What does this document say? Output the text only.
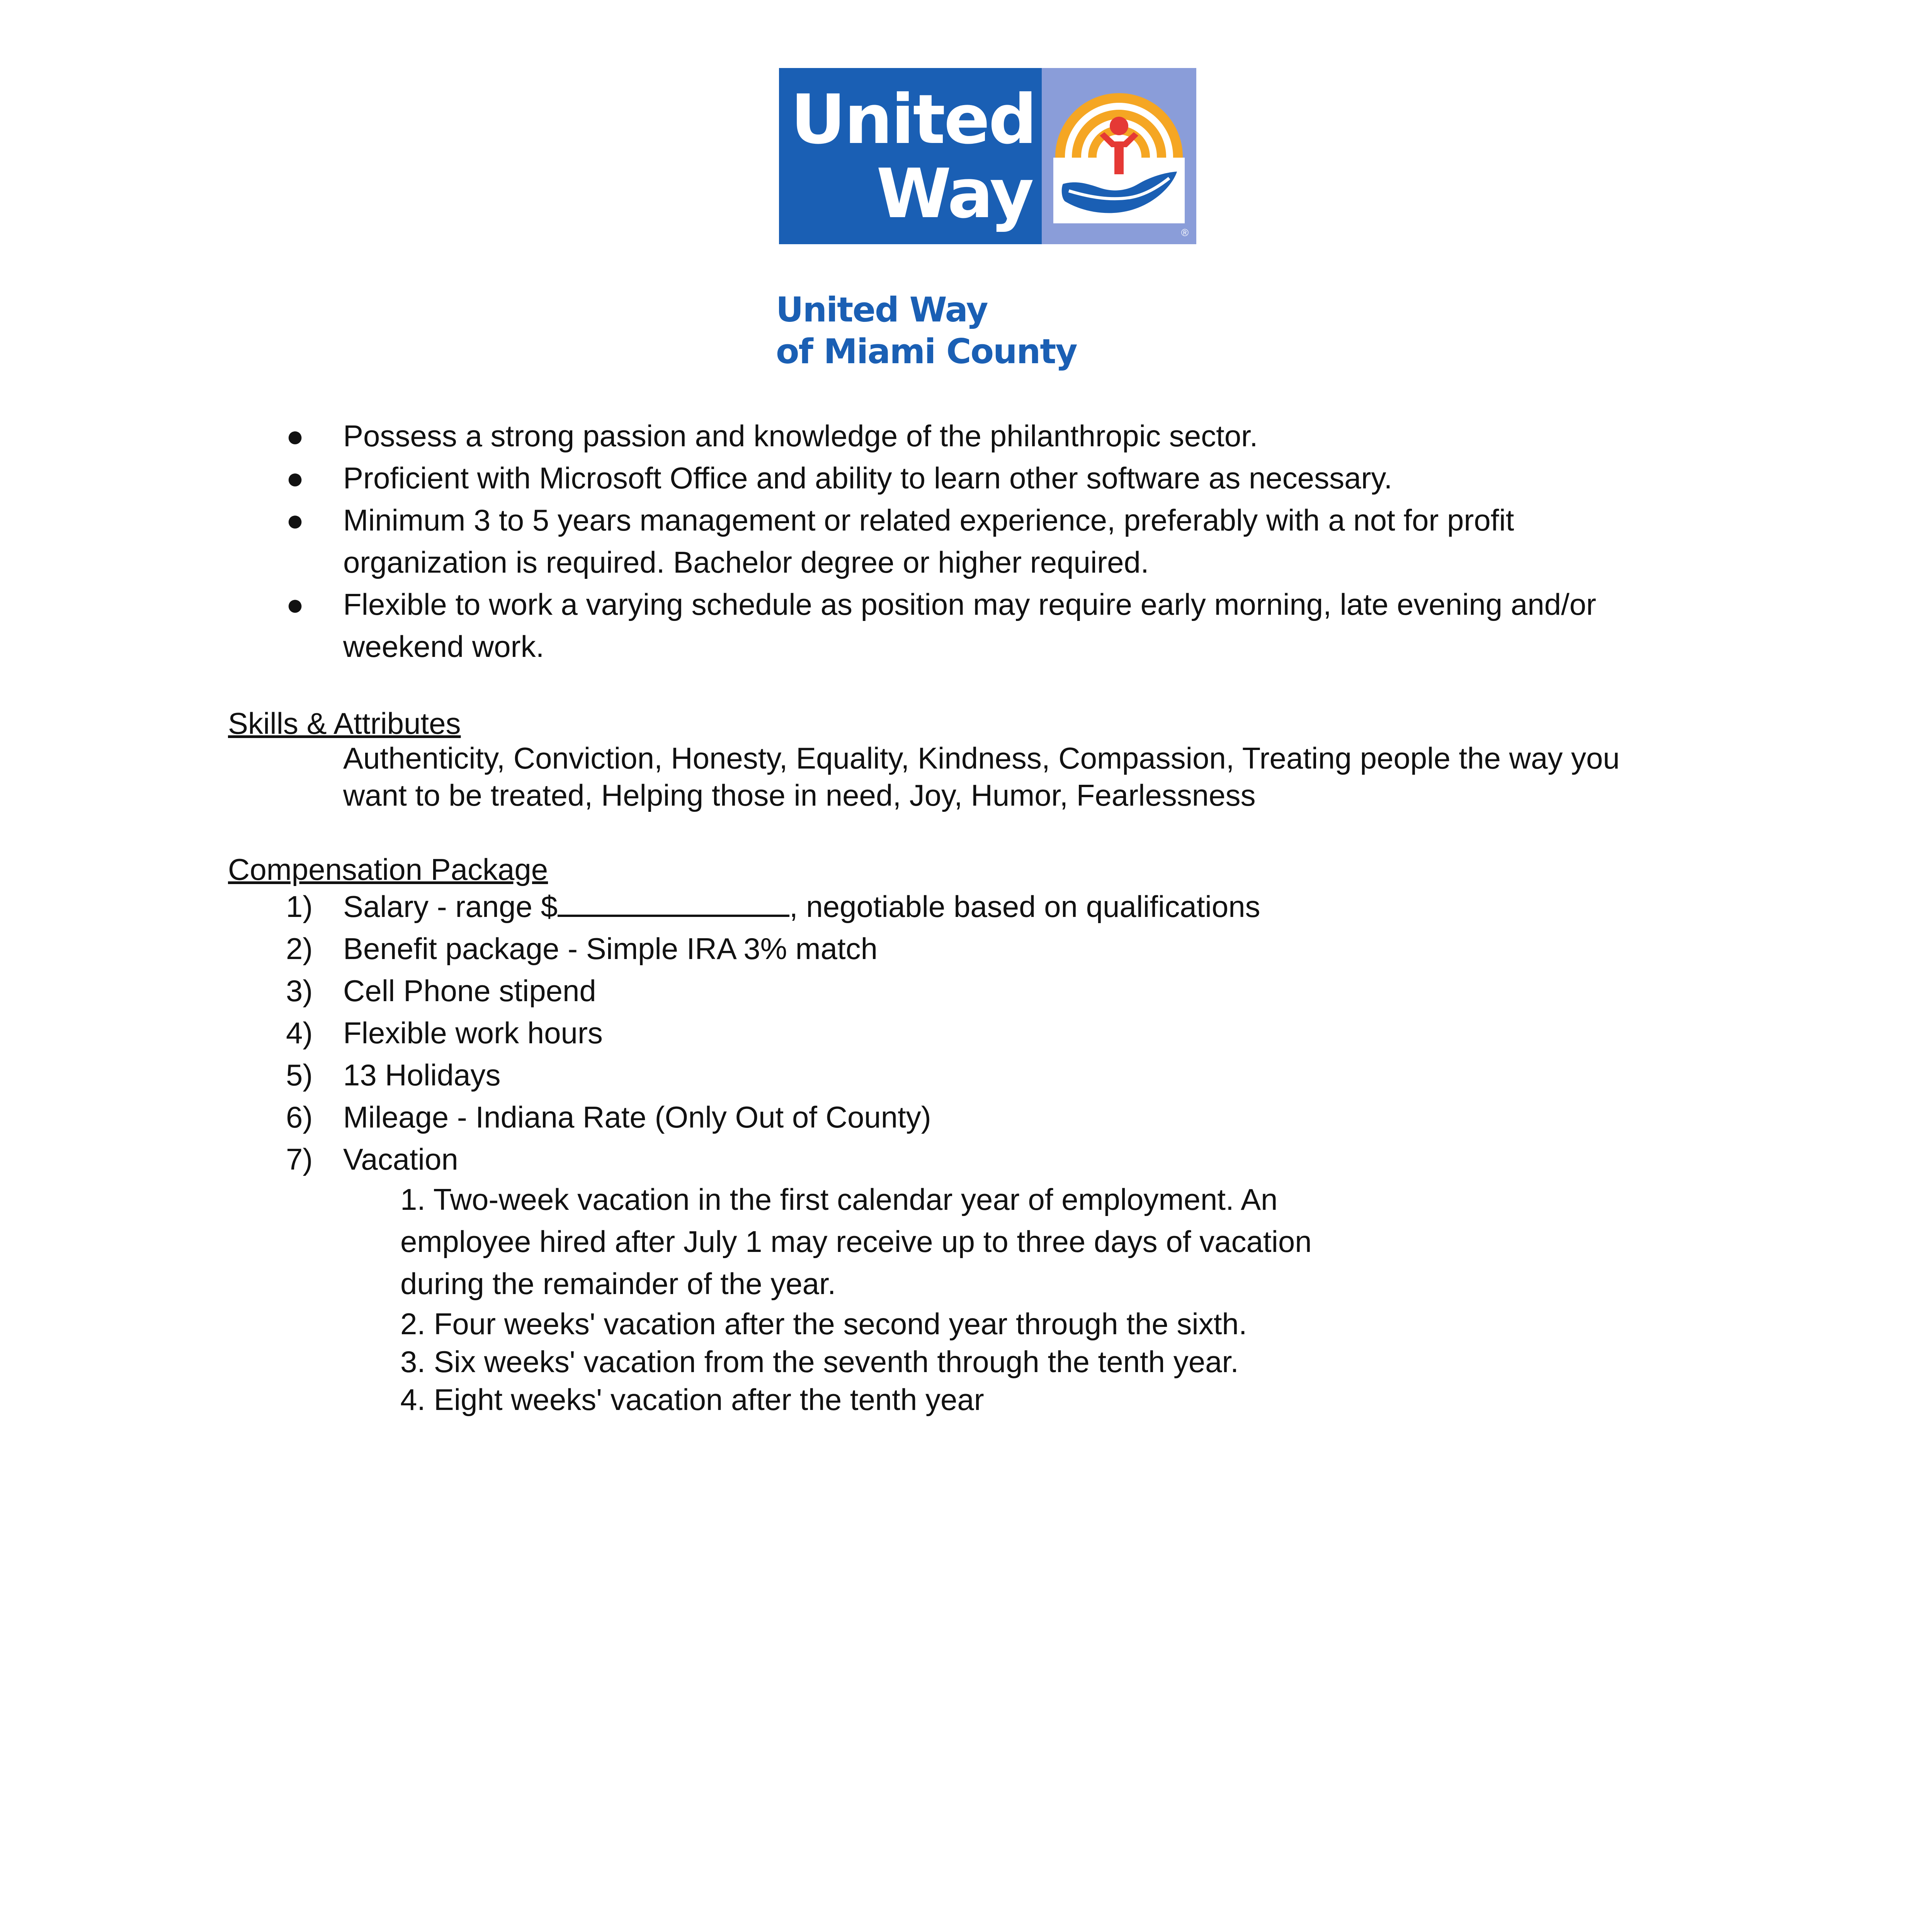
United
Way	®
United Way
of Miami County
● Possess a strong passion and knowledge of the philanthropic sector.
● Proficient with Microsoft Office and ability to learn other software as necessary.
● Minimum 3 to 5 years management or related experience, preferably with a not for profit
organization is required. Bachelor degree or higher required.
● Flexible to work a varying schedule as position may require early morning, late evening and/or
weekend work.
Skills & Attributes
Authenticity, Conviction, Honesty, Equality, Kindness, Compassion, Treating people the way you
want to be treated, Helping those in need, Joy, Humor, Fearlessness
Compensation Package
1) Salary - range $	, negotiable based on qualifications
2) Benefit package - Simple IRA 3% match
3) Cell Phone stipend
4) Flexible work hours
5) 13 Holidays
6) Mileage - Indiana Rate (Only Out of County)
7) Vacation
1. Two-week vacation in the first calendar year of employment. An
employee hired after July 1 may receive up to three days of vacation
during the remainder of the year.
2. Four weeks' vacation after the second year through the sixth.
3. Six weeks' vacation from the seventh through the tenth year.
4. Eight weeks' vacation after the tenth year
